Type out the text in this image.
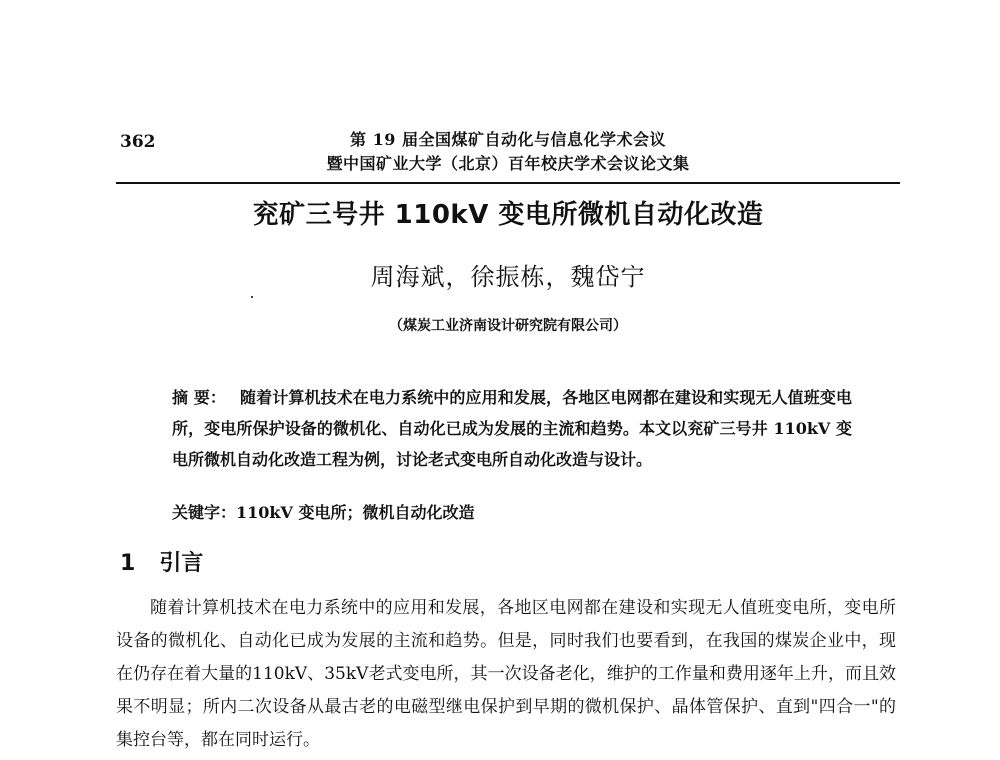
362	第 19 届全国煤矿自动化与信息化学术会议
暨中国矿业大学（北京）百年校庆学术会议论文集
兖矿三号井 110kV 变电所微机自动化改造
周海斌，徐振栋，魏岱宁
（煤炭工业济南设计研究院有限公司）
摘 要： 随着计算机技术在电力系统中的应用和发展，各地区电网都在建设和实现无人值班变电所，变电所保护设备的微机化、自动化已成为发展的主流和趋势。本文以兖矿三号井 110kV 变电所微机自动化改造工程为例，讨论老式变电所自动化改造与设计。
关键字：110kV 变电所；微机自动化改造
1 引言
随着计算机技术在电力系统中的应用和发展，各地区电网都在建设和实现无人值班变电所，变电所设备的微机化、自动化已成为发展的主流和趋势。但是，同时我们也要看到，在我国的煤炭企业中，现在仍存在着大量的110kV、35kV老式变电所，其一次设备老化，维护的工作量和费用逐年上升，而且效果不明显；所内二次设备从最古老的电磁型继电保护到早期的微机保护、晶体管保护、直到"四合一"的集控台等，都在同时运行。
